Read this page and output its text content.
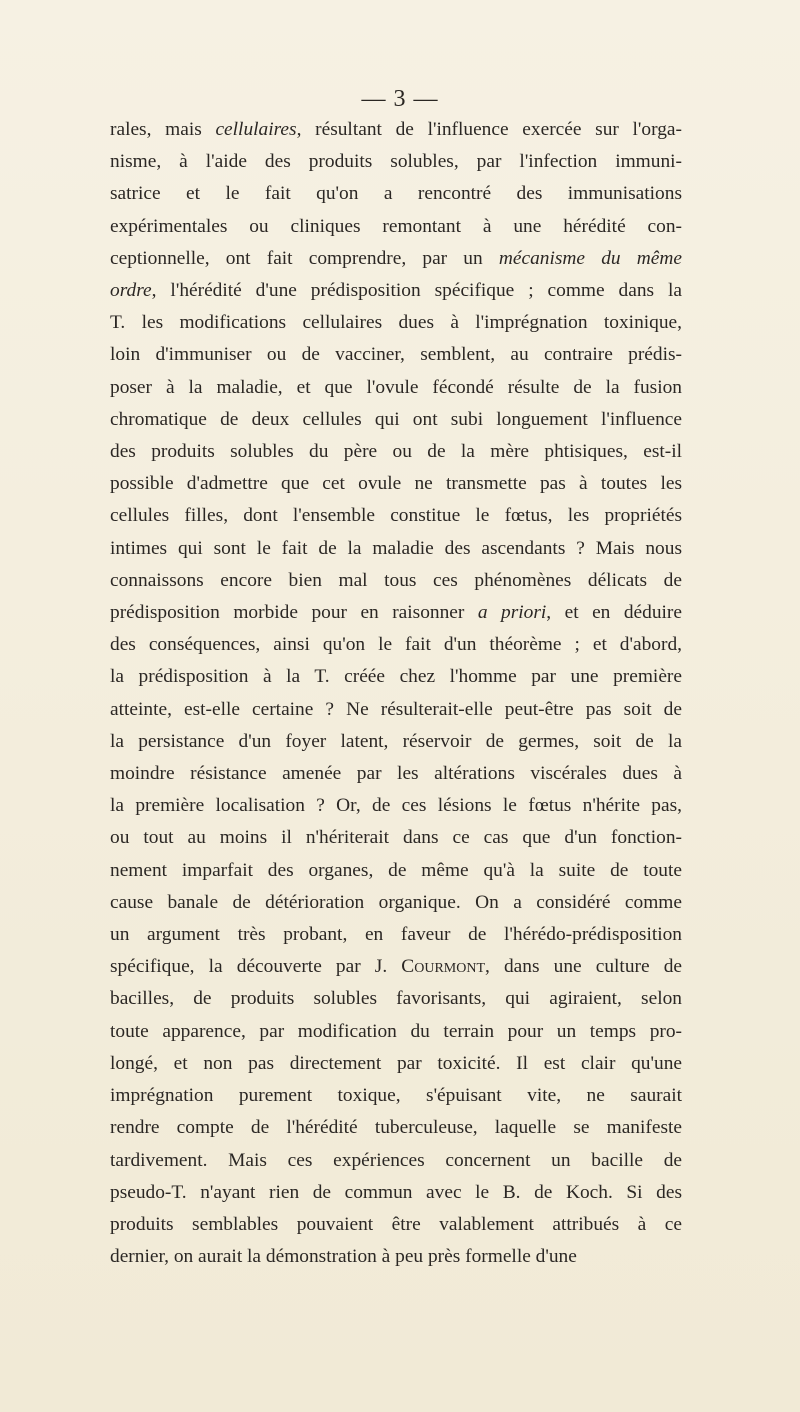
— 3 —
rales, mais cellulaires, résultant de l'influence exercée sur l'orga-
nisme, à l'aide des produits solubles, par l'infection immuni-
satrice et le fait qu'on a rencontré des immunisations
expérimentales ou cliniques remontant à une hérédité con-
ceptionnelle, ont fait comprendre, par un mécanisme du même
ordre, l'hérédité d'une prédisposition spécifique ; comme dans la
T. les modifications cellulaires dues à l'imprégnation toxinique,
loin d'immuniser ou de vacciner, semblent, au contraire prédis-
poser à la maladie, et que l'ovule fécondé résulte de la fusion
chromatique de deux cellules qui ont subi longuement l'influence
des produits solubles du père ou de la mère phtisiques, est-il
possible d'admettre que cet ovule ne transmette pas à toutes les
cellules filles, dont l'ensemble constitue le fœtus, les propriétés
intimes qui sont le fait de la maladie des ascendants ? Mais nous
connaissons encore bien mal tous ces phénomènes délicats de
prédisposition morbide pour en raisonner a priori, et en déduire
des conséquences, ainsi qu'on le fait d'un théorème ; et d'abord,
la prédisposition à la T. créée chez l'homme par une première
atteinte, est-elle certaine ? Ne résulterait-elle peut-être pas soit de
la persistance d'un foyer latent, réservoir de germes, soit de la
moindre résistance amenée par les altérations viscérales dues à
la première localisation ? Or, de ces lésions le fœtus n'hérite pas,
ou tout au moins il n'hériterait dans ce cas que d'un fonction-
nement imparfait des organes, de même qu'à la suite de toute
cause banale de détérioration organique. On a considéré comme
un argument très probant, en faveur de l'hérédo-prédisposition
spécifique, la découverte par J. Courmont, dans une culture de
bacilles, de produits solubles favorisants, qui agiraient, selon
toute apparence, par modification du terrain pour un temps pro-
longé, et non pas directement par toxicité. Il est clair qu'une
imprégnation purement toxique, s'épuisant vite, ne saurait
rendre compte de l'hérédité tuberculeuse, laquelle se manifeste
tardivement. Mais ces expériences concernent un bacille de
pseudo-T. n'ayant rien de commun avec le B. de Koch. Si des
produits semblables pouvaient être valablement attribués à ce
dernier, on aurait la démonstration à peu près formelle d'une
